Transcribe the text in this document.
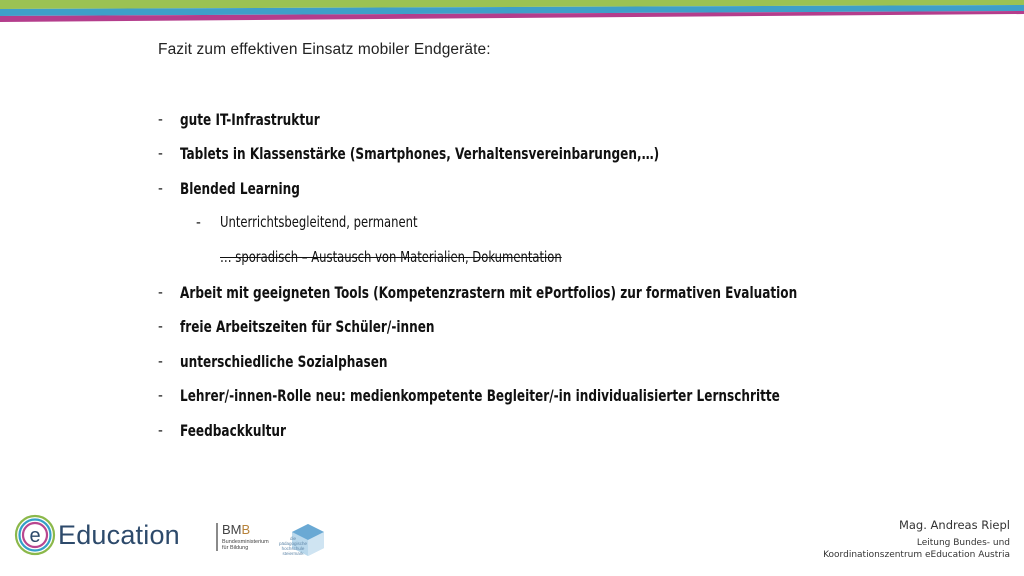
Fazit zum effektiven Einsatz mobiler Endgeräte:
- gute IT-Infrastruktur
- Tablets in Klassenstärke (Smartphones, Verhaltensvereinbarungen,…)
- Blended Learning
- Unterrichtsbegleitend, permanent
… sporadisch – Austausch von Materialien, Dokumentation
- Arbeit mit geeigneten Tools (Kompetenzrastern mit ePortfolios) zur formativen Evaluation
- freie Arbeitszeiten für Schüler/-innen
- unterschiedliche Sozialphasen
- Lehrer/-innen-Rolle neu: medienkompetente Begleiter/-in individualisierter Lernschritte
- Feedbackkultur
e Education	BMB
Bundesministerium
für Bildung
die pädagogische
hochschule
steiermark
Mag. Andreas Riepl
Leitung Bundes- und
Koordinationszentrum eEducation Austria
